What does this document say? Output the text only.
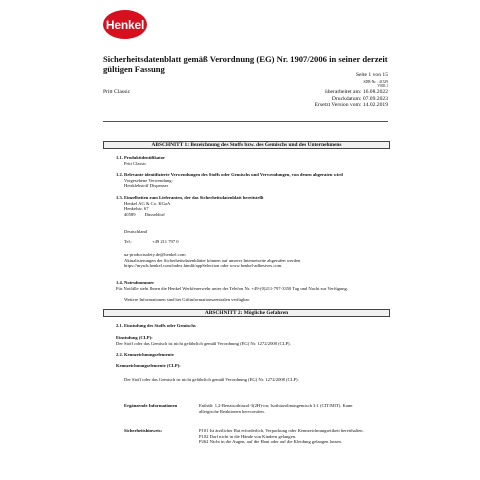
Henkel
Sicherheitsdatenblatt gemäß Verordnung (EG) Nr. 1907/2006 in seiner derzeit gültigen Fassung
Seite 1 von 15
SDB-Nr. : 41529
V005.1
Pritt Classic	überarbeitet am: 16.08.2022
Druckdatum: 07.09.2023
Ersetzt Version vom: 14.02.2019
ABSCHNITT 1: Bezeichnung des Stoffs bzw. des Gemischs und des Unternehmens
1.1. Produktidentifikator
Pritt Classic
1.2. Relevante identifizierte Verwendungen des Stoffs oder Gemischs und Verwendungen, von denen abgeraten wird
Vorgesehene Verwendung:
Heisklebstoff Dispenser
1.3. Einzelheiten zum Lieferanten, der das Sicherheitsdatenblatt bereitstellt
Henkel AG & Co. KGaA
Henkelstr. 67
40589        Düsseldorf
Deutschland
Tel.:	+49 211 797 0
ua-productsafety.de@henkel.com
Aktualisierungen der Sicherheitsdatenblätter können auf unserer Internetseite abgerufen werden
https://mysds.henkel.com/index.html#/appSelection oder www.henkel-adhesives.com.
1.4. Notrufnummer
Für Notfälle steht Ihnen die Henkel Werkfeuerwehr unter der Telefon Nr. +49-(0)211-797-3350 Tag und Nacht zur Verfügung.
Weitere Informationen sind bei Giftinformationszentralen verfügbar.
ABSCHNITT 2: Mögliche Gefahren
2.1. Einstufung des Stoffs oder Gemischs
Einstufung (CLP):
Der Stoff oder das Gemisch ist nicht gefährlich gemäß Verordnung (EG) Nr. 1272/2008 (CLP).
2.2. Kennzeichnungselemente
Kennzeichnungselemente (CLP):
Der Stoff oder das Gemisch ist nicht gefährlich gemäß Verordnung (EG) Nr. 1272/2008 (CLP).
Ergänzende Informationen	Enthält: 1,2-Benzisothiazol-3(2H)-on; Isothiazolinongemisch 3:1 (CIT/MIT). Kann
allergische Reaktionen hervorrufen.
Sicherheitshinweis:	P101 Ist ärztlicher Rat erforderlich, Verpackung oder Kennzeichnungsetikett bereithalten.
P102 Darf nicht in die Hände von Kindern gelangen.
P262 Nicht in die Augen, auf die Haut oder auf die Kleidung gelangen lassen.
